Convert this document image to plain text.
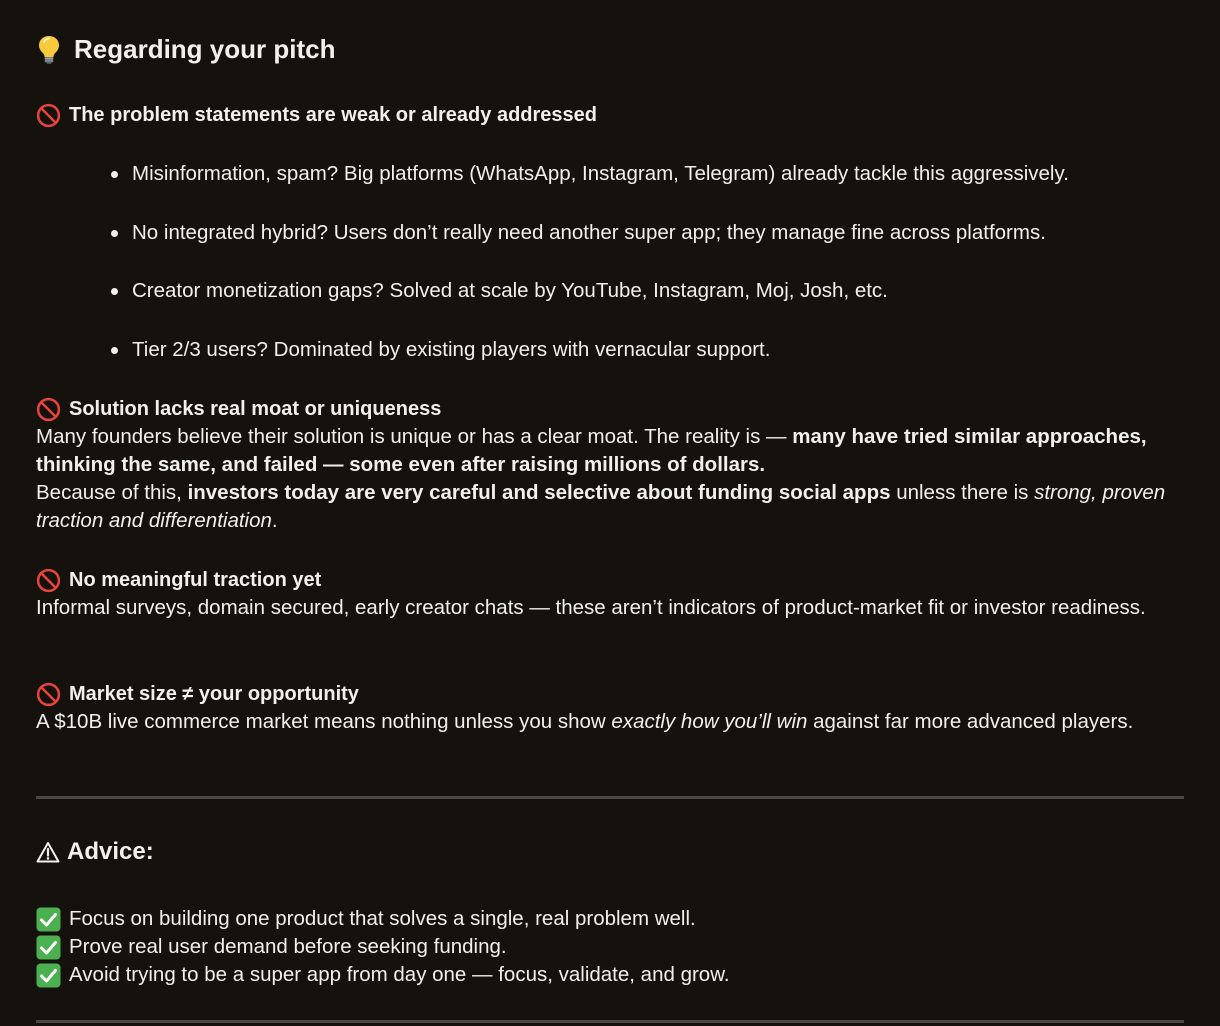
Regarding your pitch
The problem statements are weak or already addressed
Misinformation, spam? Big platforms (WhatsApp, Instagram, Telegram) already tackle this aggressively.
No integrated hybrid? Users don’t really need another super app; they manage fine across platforms.
Creator monetization gaps? Solved at scale by YouTube, Instagram, Moj, Josh, etc.
Tier 2/3 users? Dominated by existing players with vernacular support.
Solution lacks real moat or uniqueness

Many founders believe their solution is unique or has a clear moat. The reality is — many have tried similar approaches, thinking the same, and failed — some even after raising millions of dollars.
Because of this, investors today are very careful and selective about funding social apps unless there is strong, proven traction and differentiation.

No meaningful traction yet

Informal surveys, domain secured, early creator chats — these aren’t indicators of product-market fit or investor readiness.

Market size ≠ your opportunity

A $10B live commerce market means nothing unless you show exactly how you’ll win against far more advanced players.

Advice:
Focus on building one product that solves a single, real problem well.
Prove real user demand before seeking funding.
Avoid trying to be a super app from day one — focus, validate, and grow.
